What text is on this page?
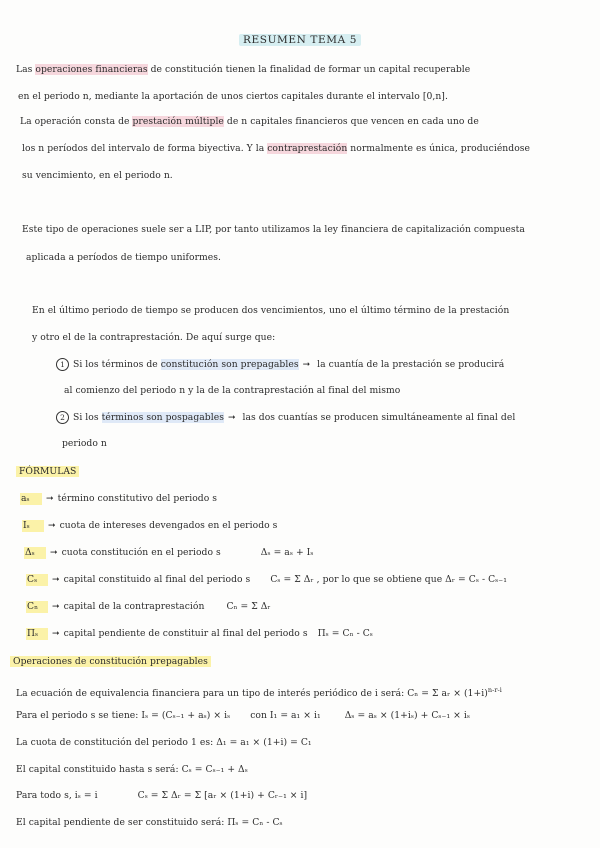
RESUMEN TEMA 5
Las operaciones financieras de constitución tienen la finalidad de formar un capital recuperable
en el periodo n, mediante la aportación de unos ciertos capitales durante el intervalo [0,n].
La operación consta de prestación múltiple de n capitales financieros que vencen en cada uno de
los n períodos del intervalo de forma biyectiva. Y la contraprestación normalmente es única, produciéndose
su vencimiento, en el periodo n.
Este tipo de operaciones suele ser a LIP, por tanto utilizamos la ley financiera de capitalización compuesta
aplicada a períodos de tiempo uniformes.
En el último periodo de tiempo se producen dos vencimientos, uno el último término de la prestación
y otro el de la contraprestación. De aquí surge que:
1 Si los términos de constitución son prepagables ➞ la cuantía de la prestación se producirá
al comienzo del periodo n y la de la contraprestación al final del mismo
2 Si los términos son pospagables ➞ las dos cuantías se producen simultáneamente al final del
periodo n
FÓRMULAS
aₛ ➞ término constitutivo del periodo s
Iₛ ➞ cuota de intereses devengados en el periodo s
Δₛ ➞ cuota constitución en el periodo s	Δₛ = aₛ + Iₛ
Cₛ ➞ capital constituido al final del periodo s Cₛ = Σ Δᵣ , por lo que se obtiene que Δᵣ = Cₛ - Cₛ₋₁
Cₙ ➞ capital de la contraprestación Cₙ = Σ Δᵣ
Πₛ ➞ capital pendiente de constituir al final del periodo s Πₛ = Cₙ - Cₛ
Operaciones de constitución prepagables
La ecuación de equivalencia financiera para un tipo de interés periódico de i será: Cₙ = Σ aᵣ × $(1+i)^{n-r-i}$
Para el periodo s se tiene: Iₛ = (Cₛ₋₁ + aₛ) × iₛ con I₁ = a₁ × i₁	Δₛ = aₛ × (1+iₛ) + Cₛ₋₁ × iₛ
La cuota de constitución del periodo 1 es: Δ₁ = a₁ × (1+i) = C₁
El capital constituido hasta s será: Cₛ = Cₛ₋₁ + Δₛ
Para todo s, iₛ = i	Cₛ = Σ Δᵣ = Σ [aᵣ × (1+i) + Cᵣ₋₁ × i]
El capital pendiente de ser constituido será: Πₛ = Cₙ - Cₛ
